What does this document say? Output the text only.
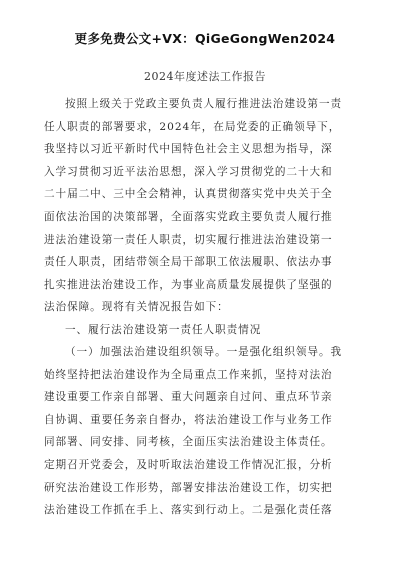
更多免费公文+VX：QiGeGongWen2024
2024年度述法工作报告
按照上级关于党政主要负责人履行推进法治建设第一责
任人职责的部署要求，2024年，在局党委的正确领导下，
我坚持以习近平新时代中国特色社会主义思想为指导，深
入学习贯彻习近平法治思想，深入学习贯彻党的二十大和
二十届二中、三中全会精神，认真贯彻落实党中央关于全
面依法治国的决策部署，全面落实党政主要负责人履行推
进法治建设第一责任人职责，切实履行推进法治建设第一
责任人职责，团结带领全局干部职工依法履职、依法办事
扎实推进法治建设工作，为事业高质量发展提供了坚强的
法治保障。现将有关情况报告如下：
一、履行法治建设第一责任人职责情况
（一）加强法治建设组织领导。一是强化组织领导。我
始终坚持把法治建设作为全局重点工作来抓，坚持对法治
建设重要工作亲自部署、重大问题亲自过问、重点环节亲
自协调、重要任务亲自督办，将法治建设工作与业务工作
同部署、同安排、同考核，全面压实法治建设主体责任。
定期召开党委会，及时听取法治建设工作情况汇报，分析
研究法治建设工作形势，部署安排法治建设工作，切实把
法治建设工作抓在手上、落实到行动上。二是强化责任落
